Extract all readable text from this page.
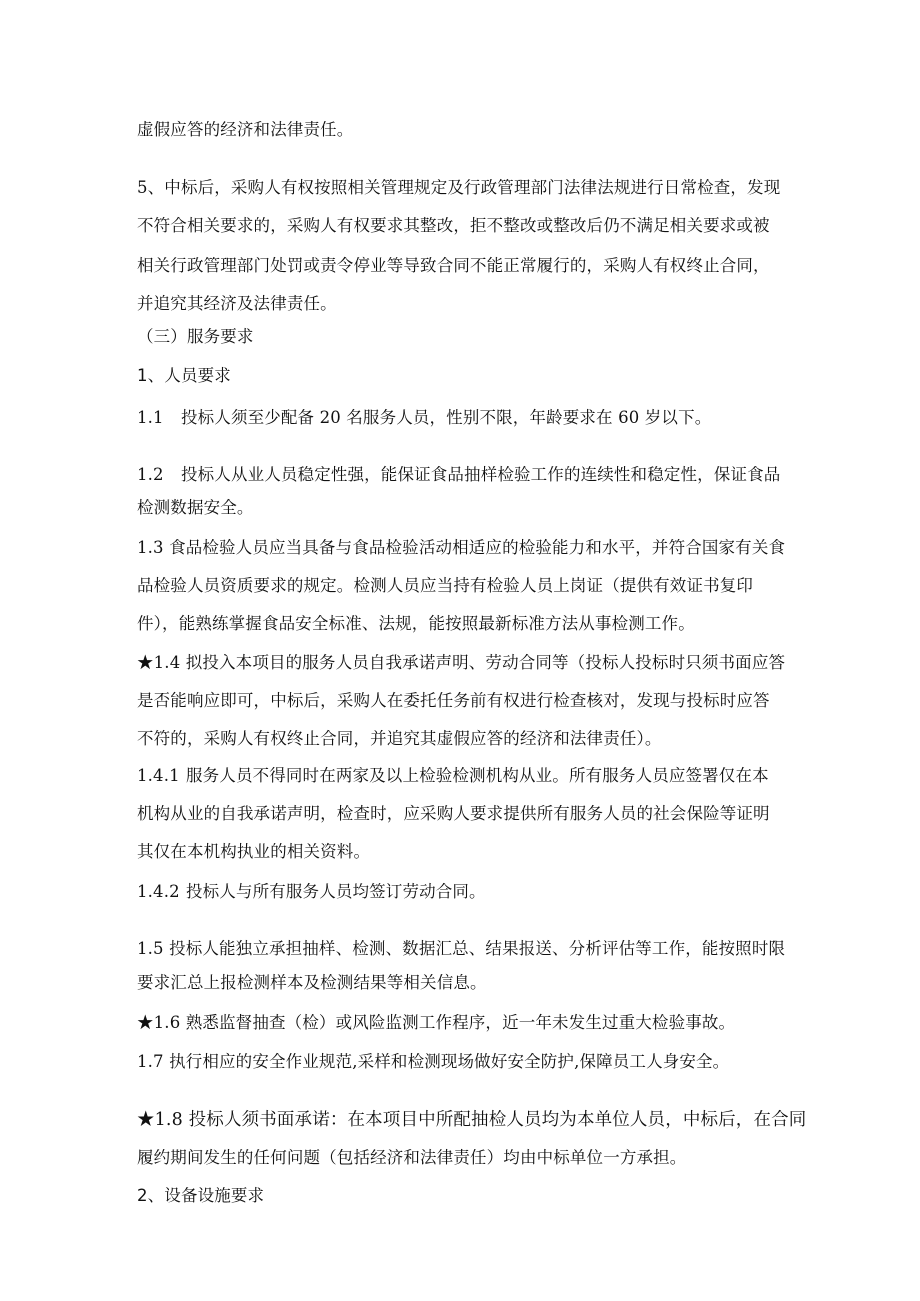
虚假应答的经济和法律责任。
5、中标后，采购人有权按照相关管理规定及行政管理部门法律法规进行日常检查，发现
不符合相关要求的，采购人有权要求其整改，拒不整改或整改后仍不满足相关要求或被
相关行政管理部门处罚或责令停业等导致合同不能正常履行的，采购人有权终止合同，
并追究其经济及法律责任。
（三）服务要求
1、人员要求
1.1 投标人须至少配备 20 名服务人员，性别不限，年龄要求在 60 岁以下。
1.2 投标人从业人员稳定性强，能保证食品抽样检验工作的连续性和稳定性，保证食品
检测数据安全。
1.3 食品检验人员应当具备与食品检验活动相适应的检验能力和水平，并符合国家有关食
品检验人员资质要求的规定。检测人员应当持有检验人员上岗证（提供有效证书复印
件），能熟练掌握食品安全标准、法规，能按照最新标准方法从事检测工作。
★1.4 拟投入本项目的服务人员自我承诺声明、劳动合同等（投标人投标时只须书面应答
是否能响应即可，中标后，采购人在委托任务前有权进行检查核对，发现与投标时应答
不符的，采购人有权终止合同，并追究其虚假应答的经济和法律责任）。
1.4.1 服务人员不得同时在两家及以上检验检测机构从业。所有服务人员应签署仅在本
机构从业的自我承诺声明，检查时，应采购人要求提供所有服务人员的社会保险等证明
其仅在本机构执业的相关资料。
1.4.2 投标人与所有服务人员均签订劳动合同。
1.5 投标人能独立承担抽样、检测、数据汇总、结果报送、分析评估等工作，能按照时限
要求汇总上报检测样本及检测结果等相关信息。
★1.6 熟悉监督抽查（检）或风险监测工作程序，近一年未发生过重大检验事故。
1.7 执行相应的安全作业规范,采样和检测现场做好安全防护,保障员工人身安全。
★1.8 投标人须书面承诺：在本项目中所配抽检人员均为本单位人员，中标后，在合同
履约期间发生的任何问题（包括经济和法律责任）均由中标单位一方承担。
2、设备设施要求
